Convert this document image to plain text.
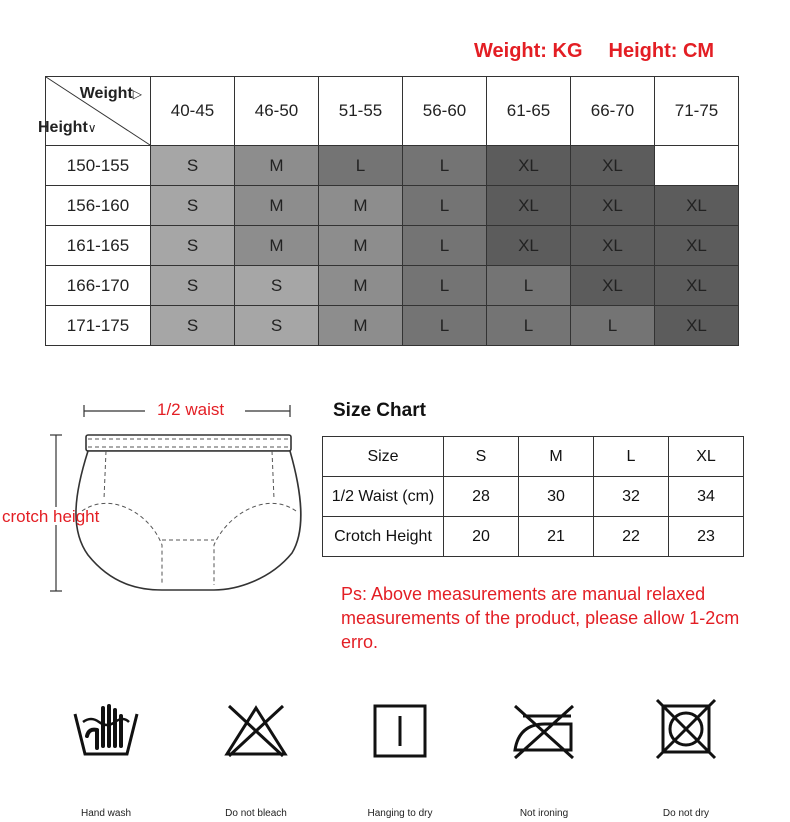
Weight: KG Height: CM
Weight▷
Height∨	40-45	46-50	51-55	56-60	61-65	66-70	71-75
150-155	S	M	L	L	XL	XL	
156-160	S	M	M	L	XL	XL	XL
161-165	S	M	M	L	XL	XL	XL
166-170	S	S	M	L	L	XL	XL
171-175	S	S	M	L	L	L	XL
1/2 waist
crotch height
Size Chart
Size	S	M	L	XL
1/2 Waist (cm)	28	30	32	34
Crotch Height	20	21	22	23
Ps: Above measurements are manual relaxed measurements of the product, please allow 1-2cm erro.
Hand wash	Do not bleach	Hanging to dry	Not ironing	Do not dry
